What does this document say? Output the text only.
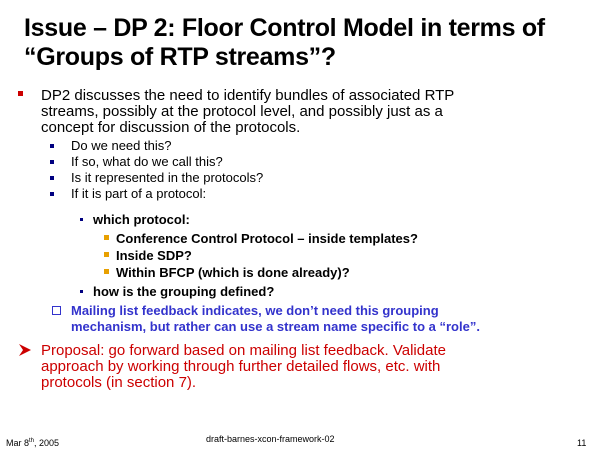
Issue – DP 2: Floor Control Model in terms of
“Groups of RTP streams”?
DP2 discusses the need to identify bundles of associated RTP
streams, possibly at the protocol level, and possibly just as a
concept for discussion of the protocols.
Do we need this?
If so, what do we call this?
Is it represented in the protocols?
If it is part of a protocol:
which protocol:
Conference Control Protocol – inside templates?
Inside SDP?
Within BFCP (which is done already)?
how is the grouping defined?
Mailing list feedback indicates, we don’t need this grouping
mechanism, but rather can use a stream name specific to a “role”.
Proposal: go forward based on mailing list feedback. Validate
approach by working through further detailed flows, etc. with
protocols (in section 7).
Mar 8th, 2005	draft-barnes-xcon-framework-02	11
